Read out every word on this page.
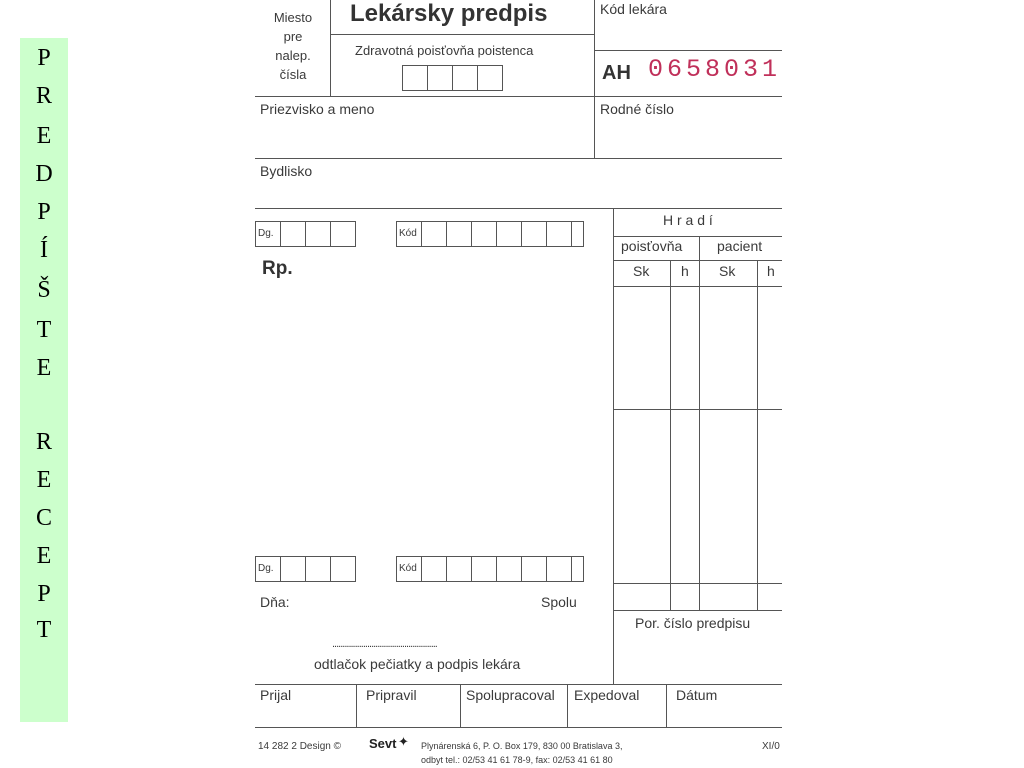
P
R
E
D
P
Í
Š
T
E
R
E
C
E
P
T
Miesto
pre
nalep.
čísla
Lekársky predpis
Zdravotná poisťovňa poistenca
Kód lekára
AH 0658031
Priezvisko a meno	Rodné číslo
Bydlisko
Dg.	Kód
Rp.
Dg.	Kód
Dňa:	Spolu
...................................................
odtlačok pečiatky a podpis lekára
H r a d í
poisťovňa pacient
Sk h Sk h
Por. číslo predpisu
Prijal	Pripravil	Spolupracoval Expedoval	Dátum
14 282 2 Design © Sevt ✦ Plynárenská 6, P. O. Box 179, 830 00 Bratislava 3,
odbyt tel.: 02/53 41 61 78-9, fax: 02/53 41 61 80
XI/0
